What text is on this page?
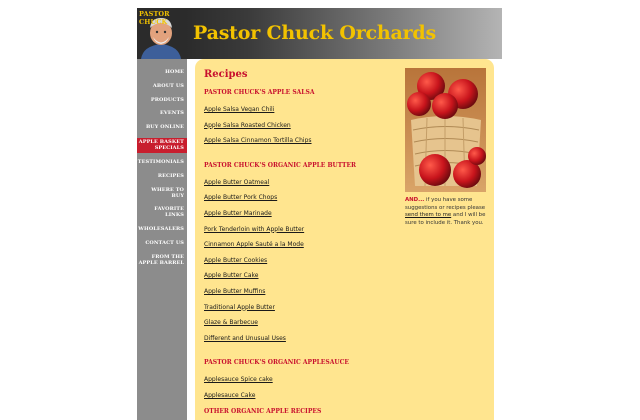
PASTOR CHUCK	Pastor Chuck Orchards
HOME
ABOUT US
PRODUCTS
EVENTS
BUY ONLINE
APPLE BASKET SPECIALS
TESTIMONIALS
RECIPES
WHERE TO BUY
FAVORITE LINKS
WHOLESALERS
CONTACT US
FROM THE APPLE BARREL
Recipes
PASTOR CHUCK'S APPLE SALSA
Apple Salsa Vegan Chili
Apple Salsa Roasted Chicken
Apple Salsa Cinnamon Tortilla Chips
PASTOR CHUCK'S ORGANIC APPLE BUTTER
Apple Butter Oatmeal
Apple Butter Pork Chops
Apple Butter Marinade
Pork Tenderloin with Apple Butter
Cinnamon Apple Sauté a la Mode
Apple Butter Cookies
Apple Butter Cake
Apple Butter Muffins
Traditional Apple Butter
Glaze & Barbecue
Different and Unusual Uses
PASTOR CHUCK'S ORGANIC APPLESAUCE
Applesauce Spice cake
Applesauce Cake
OTHER ORGANIC APPLE RECIPES
AND... if you have some suggestions or recipes please send them to me and I will be sure to include it. Thank you.
